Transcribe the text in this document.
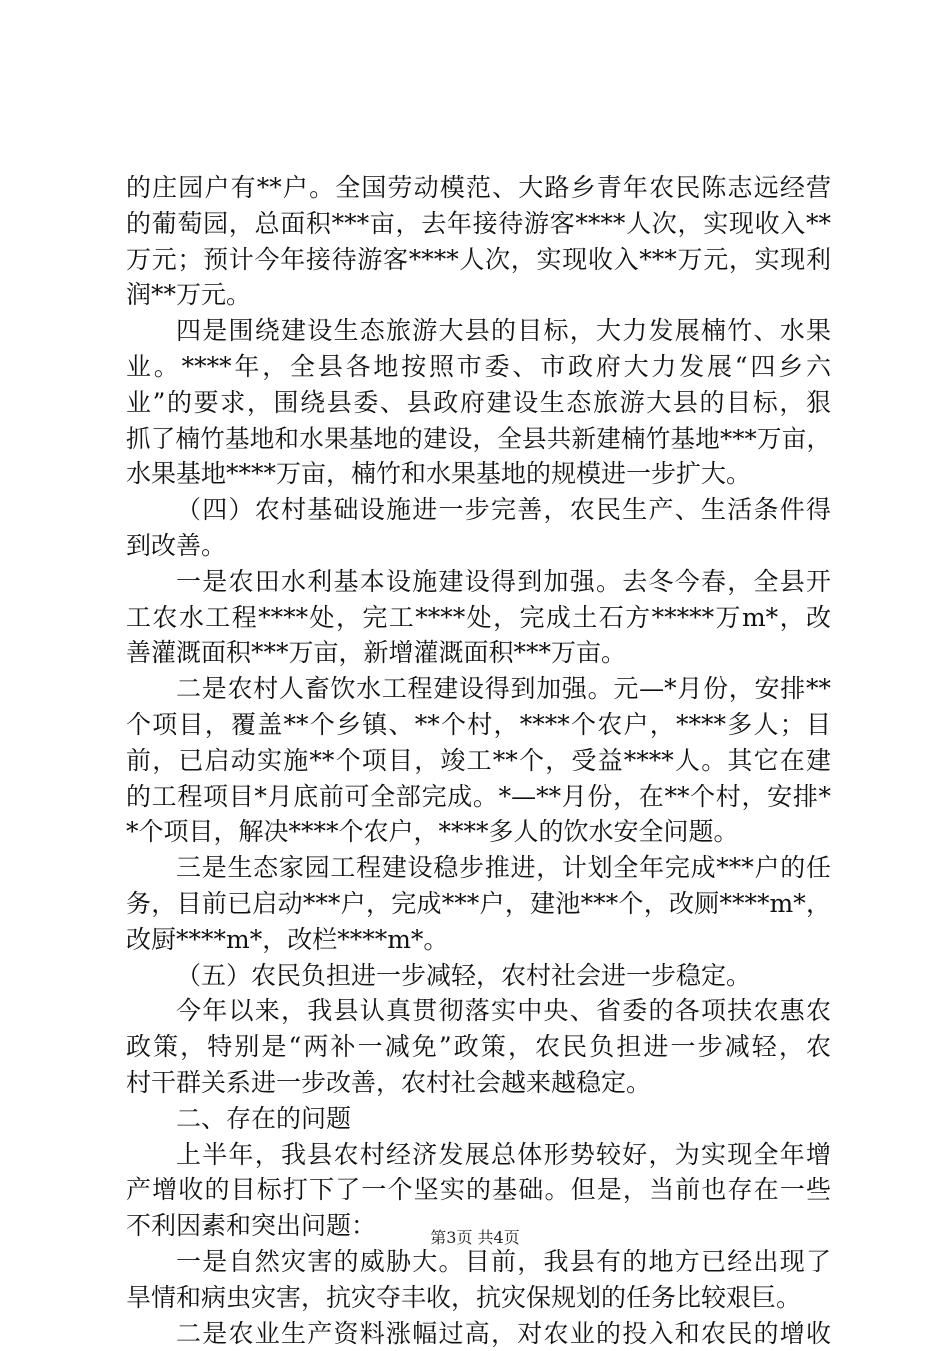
的庄园户有**户。全国劳动模范、大路乡青年农民陈志远经营
的葡萄园，总面积***亩，去年接待游客****人次，实现收入**
万元；预计今年接待游客****人次，实现收入***万元，实现利
润**万元。
四是围绕建设生态旅游大县的目标，大力发展楠竹、水果
业。****年，全县各地按照市委、市政府大力发展“四乡六
业”的要求，围绕县委、县政府建设生态旅游大县的目标，狠
抓了楠竹基地和水果基地的建设，全县共新建楠竹基地***万亩，
水果基地****万亩，楠竹和水果基地的规模进一步扩大。
（四）农村基础设施进一步完善，农民生产、生活条件得
到改善。
一是农田水利基本设施建设得到加强。去冬今春，全县开
工农水工程****处，完工****处，完成土石方*****万m*，改
善灌溉面积***万亩，新增灌溉面积***万亩。
二是农村人畜饮水工程建设得到加强。元—*月份，安排**
个项目，覆盖**个乡镇、**个村，****个农户，****多人；目
前，已启动实施**个项目，竣工**个，受益****人。其它在建
的工程项目*月底前可全部完成。*—**月份，在**个村，安排*
*个项目，解决****个农户，****多人的饮水安全问题。
三是生态家园工程建设稳步推进，计划全年完成***户的任
务，目前已启动***户，完成***户，建池***个，改厕****m*，
改厨****m*，改栏****m*。
（五）农民负担进一步减轻，农村社会进一步稳定。
今年以来，我县认真贯彻落实中央、省委的各项扶农惠农
政策，特别是“两补一减免”政策，农民负担进一步减轻，农
村干群关系进一步改善，农村社会越来越稳定。
二、存在的问题
上半年，我县农村经济发展总体形势较好，为实现全年增
产增收的目标打下了一个坚实的基础。但是，当前也存在一些
不利因素和突出问题：
一是自然灾害的威胁大。目前，我县有的地方已经出现了
旱情和病虫灾害，抗灾夺丰收，抗灾保规划的任务比较艰巨。
二是农业生产资料涨幅过高，对农业的投入和农民的增收
第3页 共4页
